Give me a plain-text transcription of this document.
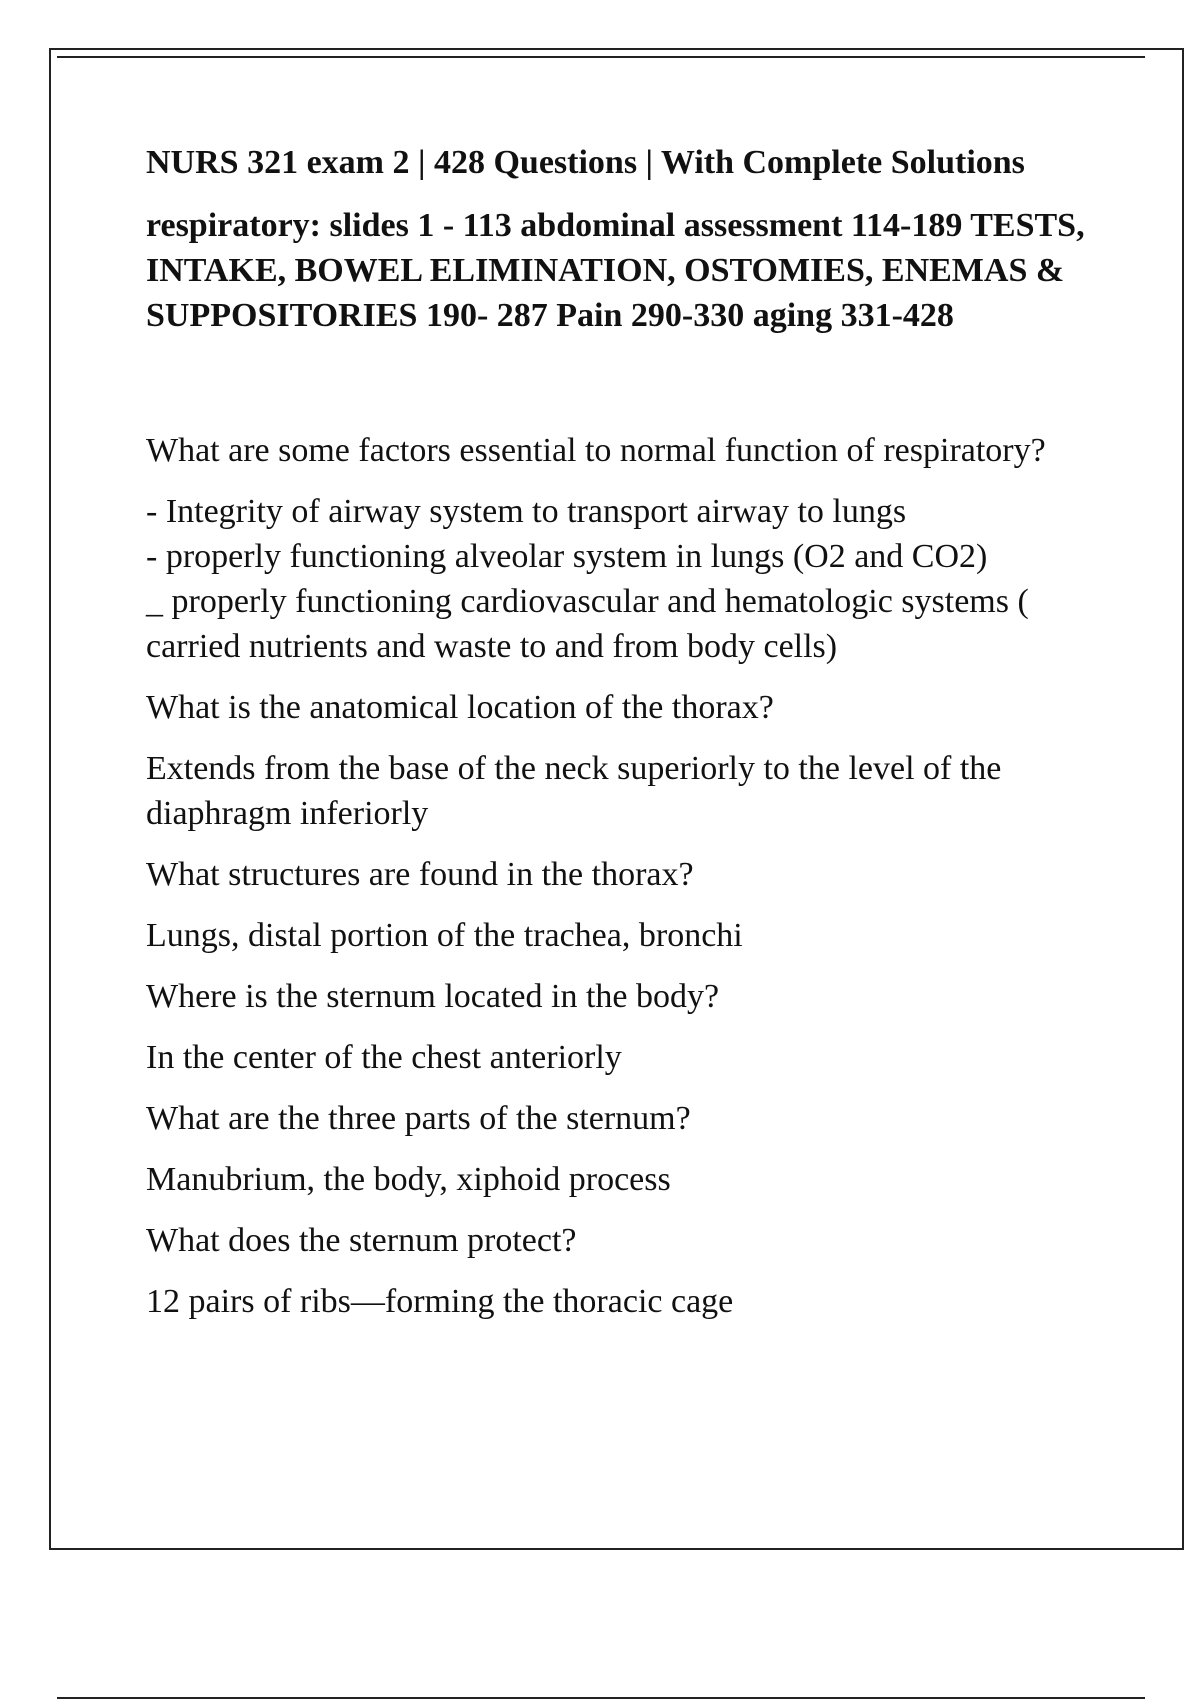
NURS 321 exam 2 | 428 Questions | With Complete Solutions

respiratory: slides 1 - 113 abdominal assessment 114-189 TESTS, INTAKE, BOWEL ELIMINATION, OSTOMIES, ENEMAS & SUPPOSITORIES 190- 287 Pain 290-330 aging 331-428

What are some factors essential to normal function of respiratory?

- Integrity of airway system to transport airway to lungs
- properly functioning alveolar system in lungs (O2 and CO2)
_ properly functioning cardiovascular and hematologic systems ( carried nutrients and waste to and from body cells)

What is the anatomical location of the thorax?

Extends from the base of the neck superiorly to the level of the diaphragm inferiorly

What structures are found in the thorax?

Lungs, distal portion of the trachea, bronchi

Where is the sternum located in the body?

In the center of the chest anteriorly

What are the three parts of the sternum?

Manubrium, the body, xiphoid process

What does the sternum protect?

12 pairs of ribs—forming the thoracic cage
